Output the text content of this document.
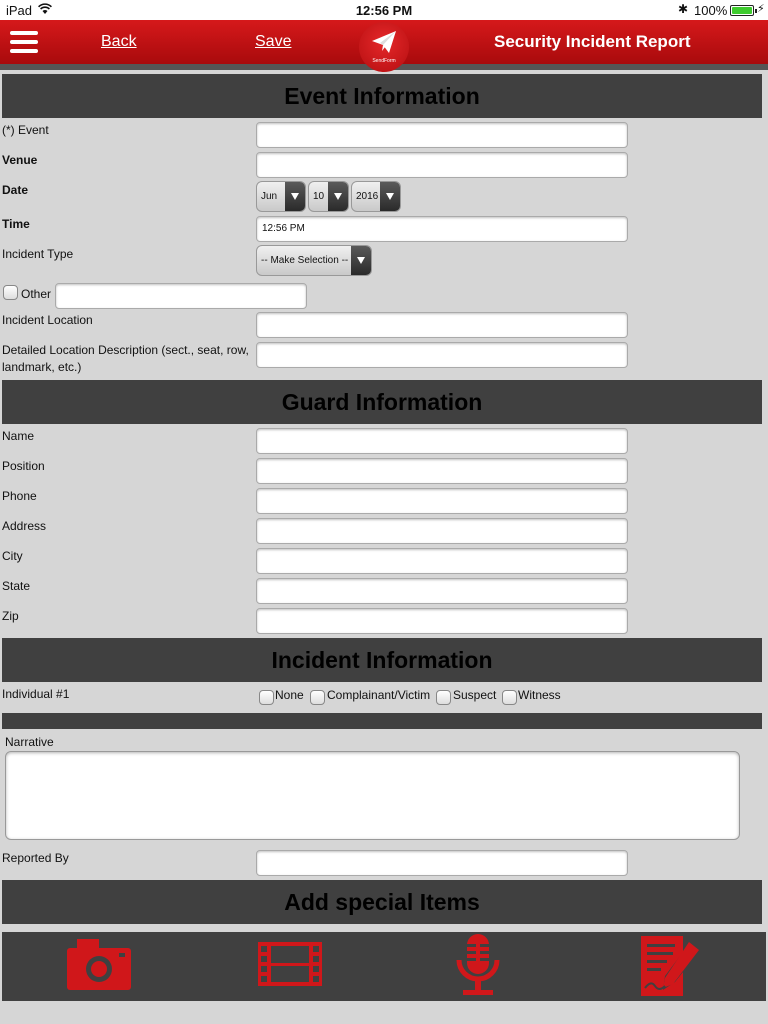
iPad	12:56 PM	✱ 100%	⚡
Back	Save
SendForm
Security Incident Report
Event Information
(*) Event
Venue
Date	Jun	10	2016
Time	12:56 PM
Incident Type	-- Make Selection --
Other
Incident Location
Detailed Location Description (sect., seat, row, landmark, etc.)
Guard Information
Name
Position
Phone
Address
City
State
Zip
Incident Information
Individual #1	None Complainant/Victim Suspect Witness
Narrative
Reported By
Add special Items
